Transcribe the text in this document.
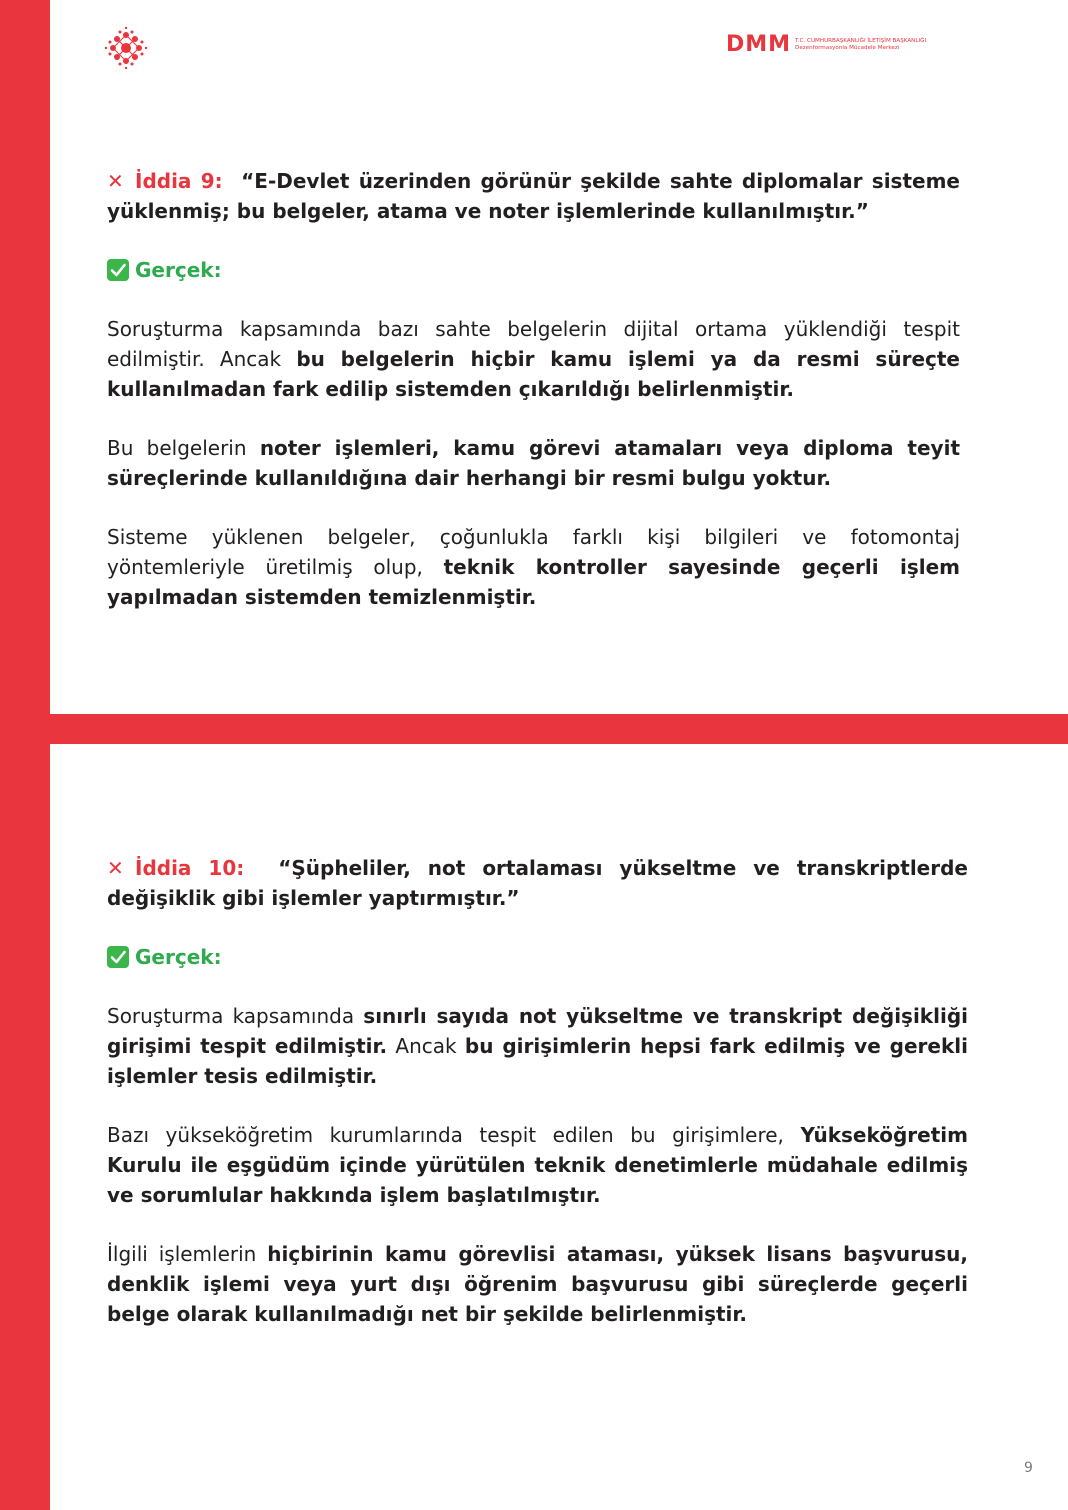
DMM T.C. CUMHURBAŞKANLIĞI İLETİŞİM BAŞKANLIĞI
Dezenformasyonla Mücadele Merkezi

✕ İddia 9: “E-Devlet üzerinden görünür şekilde sahte diplomalar sisteme yüklenmiş; bu belgeler, atama ve noter işlemlerinde kullanılmıştır.”

Gerçek:

Soruşturma kapsamında bazı sahte belgelerin dijital ortama yüklendiği tespit edilmiştir. Ancak bu belgelerin hiçbir kamu işlemi ya da resmi süreçte kullanılmadan fark edilip sistemden çıkarıldığı belirlenmiştir.

Bu belgelerin noter işlemleri, kamu görevi atamaları veya diploma teyit süreçlerinde kullanıldığına dair herhangi bir resmi bulgu yoktur.

Sisteme yüklenen belgeler, çoğunlukla farklı kişi bilgileri ve fotomontaj yöntemleriyle üretilmiş olup, teknik kontroller sayesinde geçerli işlem yapılmadan sistemden temizlenmiştir.

✕ İddia 10: “Şüpheliler, not ortalaması yükseltme ve transkriptlerde değişiklik gibi işlemler yaptırmıştır.”

Gerçek:

Soruşturma kapsamında sınırlı sayıda not yükseltme ve transkript değişikliği girişimi tespit edilmiştir. Ancak bu girişimlerin hepsi fark edilmiş ve gerekli işlemler tesis edilmiştir.

Bazı yükseköğretim kurumlarında tespit edilen bu girişimlere, Yükseköğretim Kurulu ile eşgüdüm içinde yürütülen teknik denetimlerle müdahale edilmiş ve sorumlular hakkında işlem başlatılmıştır.

İlgili işlemlerin hiçbirinin kamu görevlisi ataması, yüksek lisans başvurusu, denklik işlemi veya yurt dışı öğrenim başvurusu gibi süreçlerde geçerli belge olarak kullanılmadığı net bir şekilde belirlenmiştir.

9
